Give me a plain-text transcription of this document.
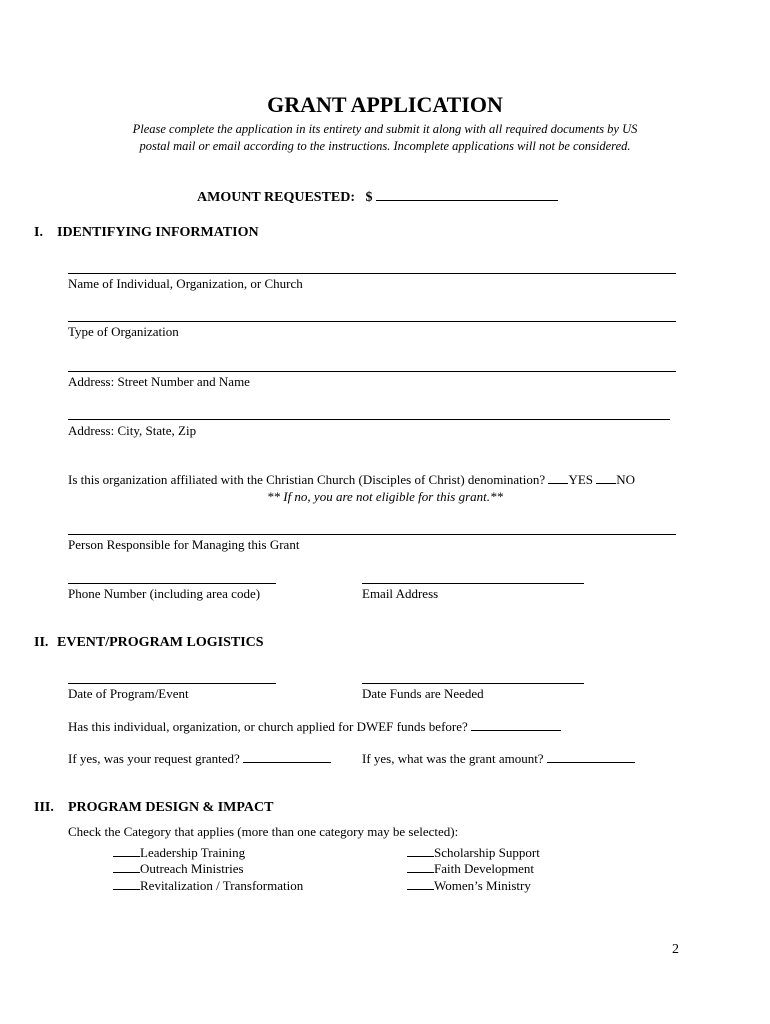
GRANT APPLICATION
Please complete the application in its entirety and submit it along with all required documents by US
postal mail or email according to the instructions. Incomplete applications will not be considered.
AMOUNT REQUESTED: $
I. IDENTIFYING INFORMATION
Name of Individual, Organization, or Church
Type of Organization
Address: Street Number and Name
Address: City, State, Zip
Is this organization affiliated with the Christian Church (Disciples of Christ) denomination? YES NO
** If no, you are not eligible for this grant.**
Person Responsible for Managing this Grant
Phone Number (including area code)	Email Address
II. EVENT/PROGRAM LOGISTICS
Date of Program/Event	Date Funds are Needed
Has this individual, organization, or church applied for DWEF funds before?
If yes, was your request granted?	If yes, what was the grant amount?
III. PROGRAM DESIGN & IMPACT
Check the Category that applies (more than one category may be selected):
Leadership Training
Outreach Ministries
Revitalization / Transformation
Scholarship Support
Faith Development
Women’s Ministry
2
